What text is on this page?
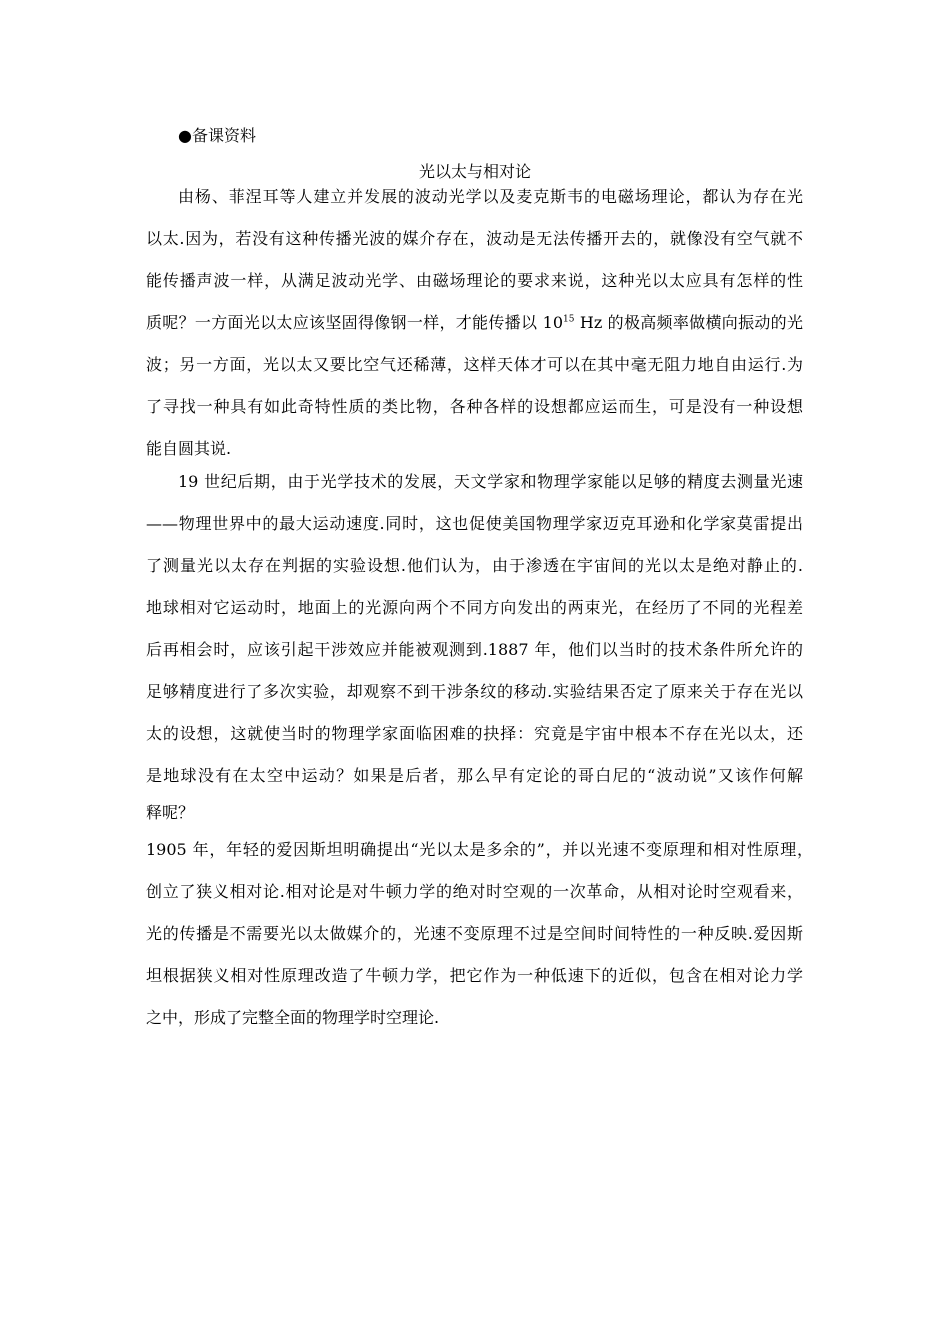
●备课资料
光以太与相对论
由杨、菲涅耳等人建立并发展的波动光学以及麦克斯韦的电磁场理论，都认为存在光
以太.因为，若没有这种传播光波的媒介存在，波动是无法传播开去的，就像没有空气就不
能传播声波一样，从满足波动光学、由磁场理论的要求来说，这种光以太应具有怎样的性
质呢？一方面光以太应该坚固得像钢一样，才能传播以 $10^{15}$ Hz 的极高频率做横向振动的光
波；另一方面，光以太又要比空气还稀薄，这样天体才可以在其中毫无阻力地自由运行.为
了寻找一种具有如此奇特性质的类比物，各种各样的设想都应运而生，可是没有一种设想
能自圆其说.
19 世纪后期，由于光学技术的发展，天文学家和物理学家能以足够的精度去测量光速
——物理世界中的最大运动速度.同时，这也促使美国物理学家迈克耳逊和化学家莫雷提出
了测量光以太存在判据的实验设想.他们认为，由于渗透在宇宙间的光以太是绝对静止的.
地球相对它运动时，地面上的光源向两个不同方向发出的两束光，在经历了不同的光程差
后再相会时，应该引起干涉效应并能被观测到.1887 年，他们以当时的技术条件所允许的
足够精度进行了多次实验，却观察不到干涉条纹的移动.实验结果否定了原来关于存在光以
太的设想，这就使当时的物理学家面临困难的抉择：究竟是宇宙中根本不存在光以太，还
是地球没有在太空中运动？如果是后者，那么早有定论的哥白尼的“波动说”又该作何解
释呢？
1905 年，年轻的爱因斯坦明确提出“光以太是多余的”，并以光速不变原理和相对性原理，
创立了狭义相对论.相对论是对牛顿力学的绝对时空观的一次革命，从相对论时空观看来，
光的传播是不需要光以太做媒介的，光速不变原理不过是空间时间特性的一种反映.爱因斯
坦根据狭义相对性原理改造了牛顿力学，把它作为一种低速下的近似，包含在相对论力学
之中，形成了完整全面的物理学时空理论.
